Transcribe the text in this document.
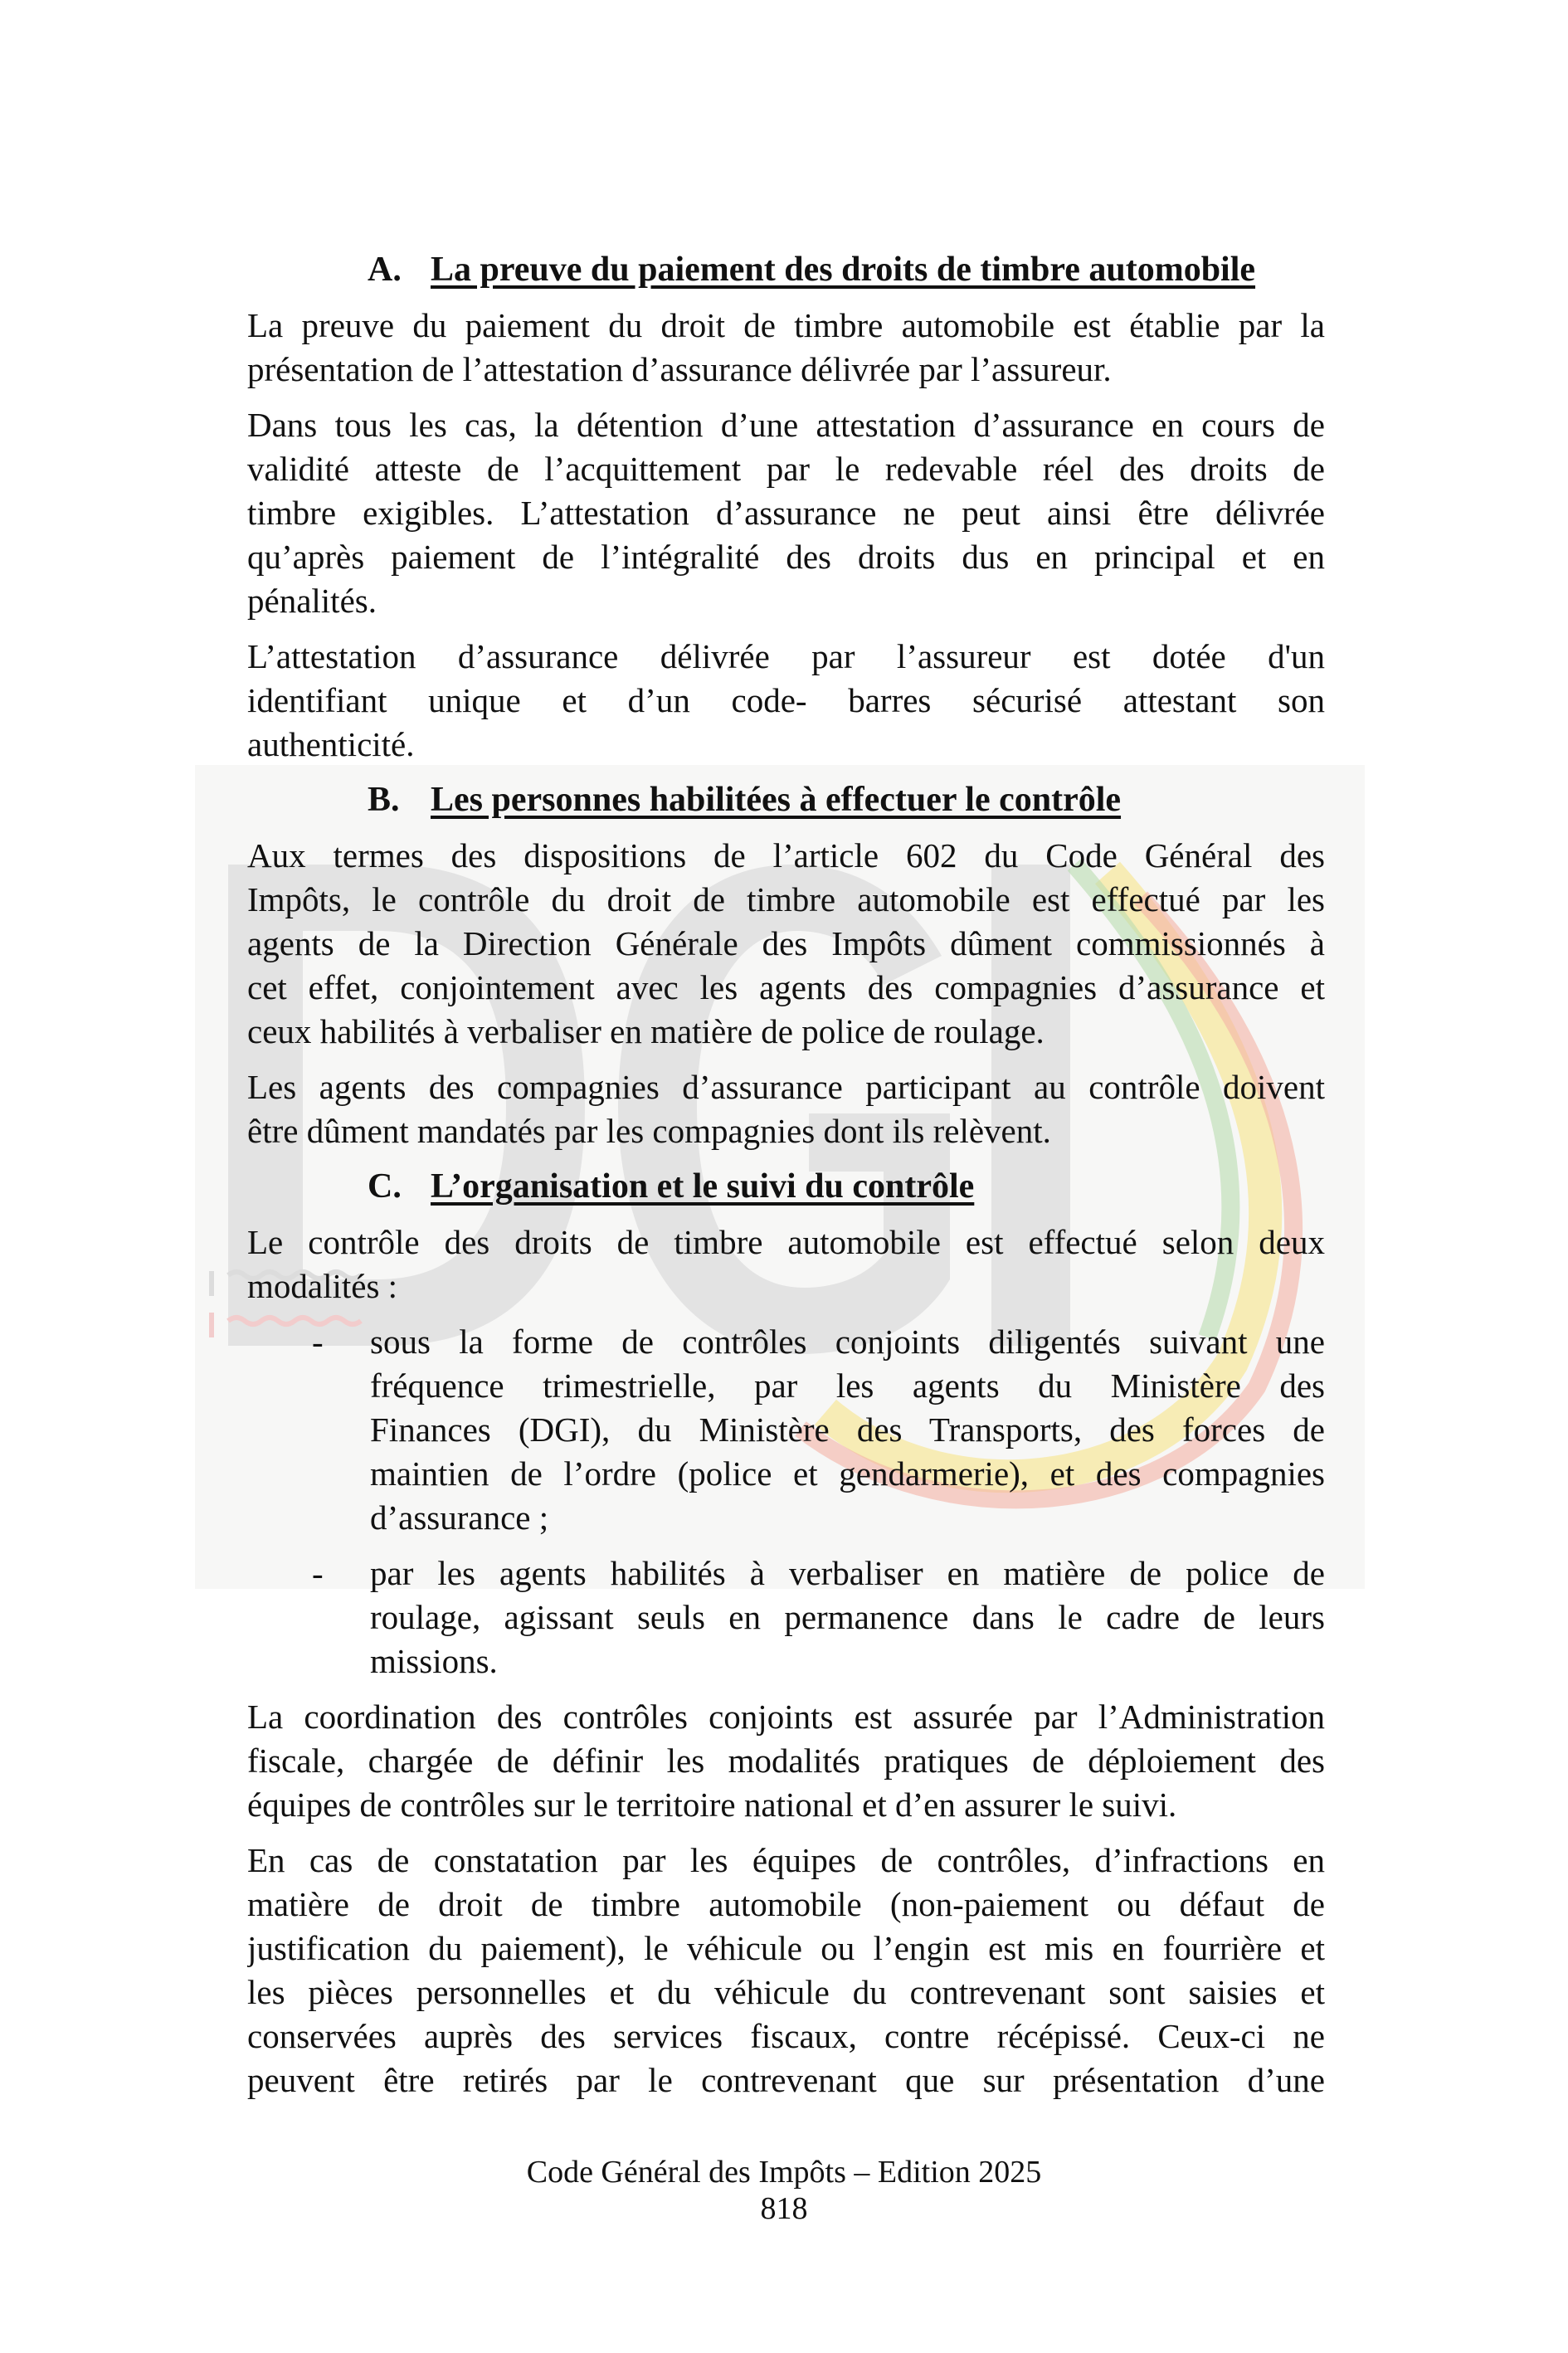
A. La preuve du paiement des droits de timbre automobile
La preuve du paiement du droit de timbre automobile est établie par la
présentation de l’attestation d’assurance délivrée par l’assureur.
Dans tous les cas, la détention d’une attestation d’assurance en cours de
validité atteste de l’acquittement par le redevable réel des droits de
timbre exigibles. L’attestation d’assurance ne peut ainsi être délivrée
qu’après paiement de l’intégralité des droits dus en principal et en
pénalités.
L’attestation d’assurance délivrée par l’assureur est dotée d'un
identifiant unique et d’un code- barres sécurisé attestant son
authenticité.
B. Les personnes habilitées à effectuer le contrôle
Aux termes des dispositions de l’article 602 du Code Général des
Impôts, le contrôle du droit de timbre automobile est effectué par les
agents de la Direction Générale des Impôts dûment commissionnés à
cet effet, conjointement avec les agents des compagnies d’assurance et
ceux habilités à verbaliser en matière de police de roulage.
Les agents des compagnies d’assurance participant au contrôle doivent
être dûment mandatés par les compagnies dont ils relèvent.
C. L’organisation et le suivi du contrôle
Le contrôle des droits de timbre automobile est effectué selon deux
modalités :
- sous la forme de contrôles conjoints diligentés suivant une
fréquence trimestrielle, par les agents du Ministère des
Finances (DGI), du Ministère des Transports, des forces de
maintien de l’ordre (police et gendarmerie), et des compagnies
d’assurance ;
- par les agents habilités à verbaliser en matière de police de
roulage, agissant seuls en permanence dans le cadre de leurs
missions.
La coordination des contrôles conjoints est assurée par l’Administration
fiscale, chargée de définir les modalités pratiques de déploiement des
équipes de contrôles sur le territoire national et d’en assurer le suivi.
En cas de constatation par les équipes de contrôles, d’infractions en
matière de droit de timbre automobile (non-paiement ou défaut de
justification du paiement), le véhicule ou l’engin est mis en fourrière et
les pièces personnelles et du véhicule du contrevenant sont saisies et
conservées auprès des services fiscaux, contre récépissé. Ceux-ci ne
peuvent être retirés par le contrevenant que sur présentation d’une
Code Général des Impôts – Edition 2025
818
